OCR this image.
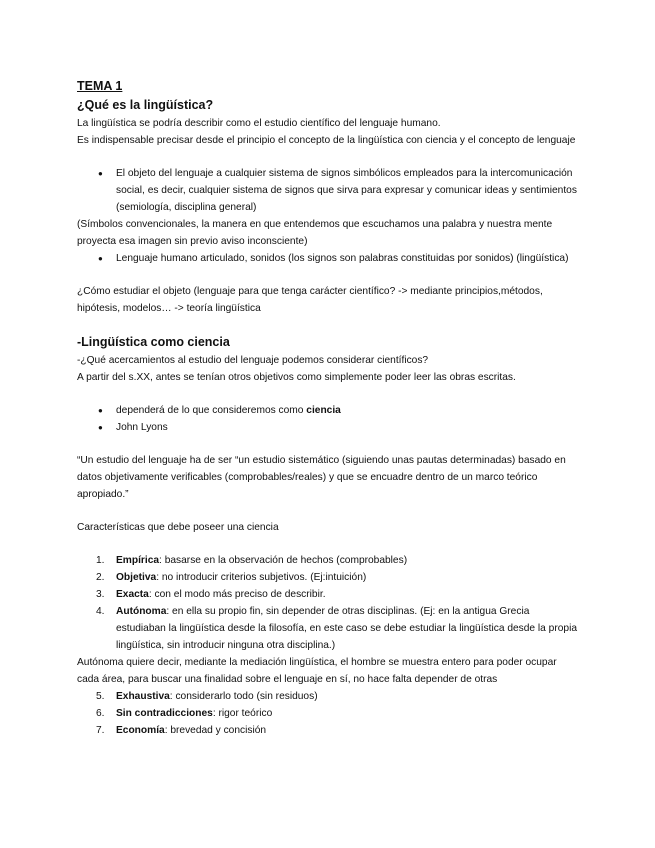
TEMA 1
¿Qué es la lingüística?

La lingüística se podría describir como el estudio científico del lenguaje humano.

Es indispensable precisar desde el principio el concepto de la lingüística con ciencia y el concepto de lenguaje

● El objeto del lenguaje a cualquier sistema de signos simbólicos empleados para la intercomunicación social, es decir, cualquier sistema de signos que sirva para expresar y comunicar ideas y sentimientos (semiología, disciplina general)

(Símbolos convencionales, la manera en que entendemos que escuchamos una palabra y nuestra mente proyecta esa imagen sin previo aviso inconsciente)

● Lenguaje humano articulado, sonidos (los signos son palabras constituidas por sonidos) (lingüística)

¿Cómo estudiar el objeto (lenguaje para que tenga carácter científico? -> mediante principios,métodos, hipótesis, modelos… -> teoría lingüística

-Lingüística como ciencia

-¿Qué acercamientos al estudio del lenguaje podemos considerar científicos?

A partir del s.XX, antes se tenían otros objetivos como simplemente poder leer las obras escritas.

● dependerá de lo que consideremos como ciencia
● John Lyons

“Un estudio del lenguaje ha de ser “un estudio sistemático (siguiendo unas pautas determinadas) basado en datos objetivamente verificables (comprobables/reales) y que se encuadre dentro de un marco teórico apropiado.”

Características que debe poseer una ciencia

1. Empírica: basarse en la observación de hechos (comprobables)
2. Objetiva: no introducir criterios subjetivos. (Ej:intuición)
3. Exacta: con el modo más preciso de describir.
4. Autónoma: en ella su propio fin, sin depender de otras disciplinas. (Ej: en la antigua Grecia estudiaban la lingüística desde la filosofía, en este caso se debe estudiar la lingüística desde la propia lingüística, sin introducir ninguna otra disciplina.)

Autónoma quiere decir, mediante la mediación lingüística, el hombre se muestra entero para poder ocupar cada área, para buscar una finalidad sobre el lenguaje en sí, no hace falta depender de otras

5. Exhaustiva: considerarlo todo (sin residuos)
6. Sin contradicciones: rigor teórico
7. Economía: brevedad y concisión
